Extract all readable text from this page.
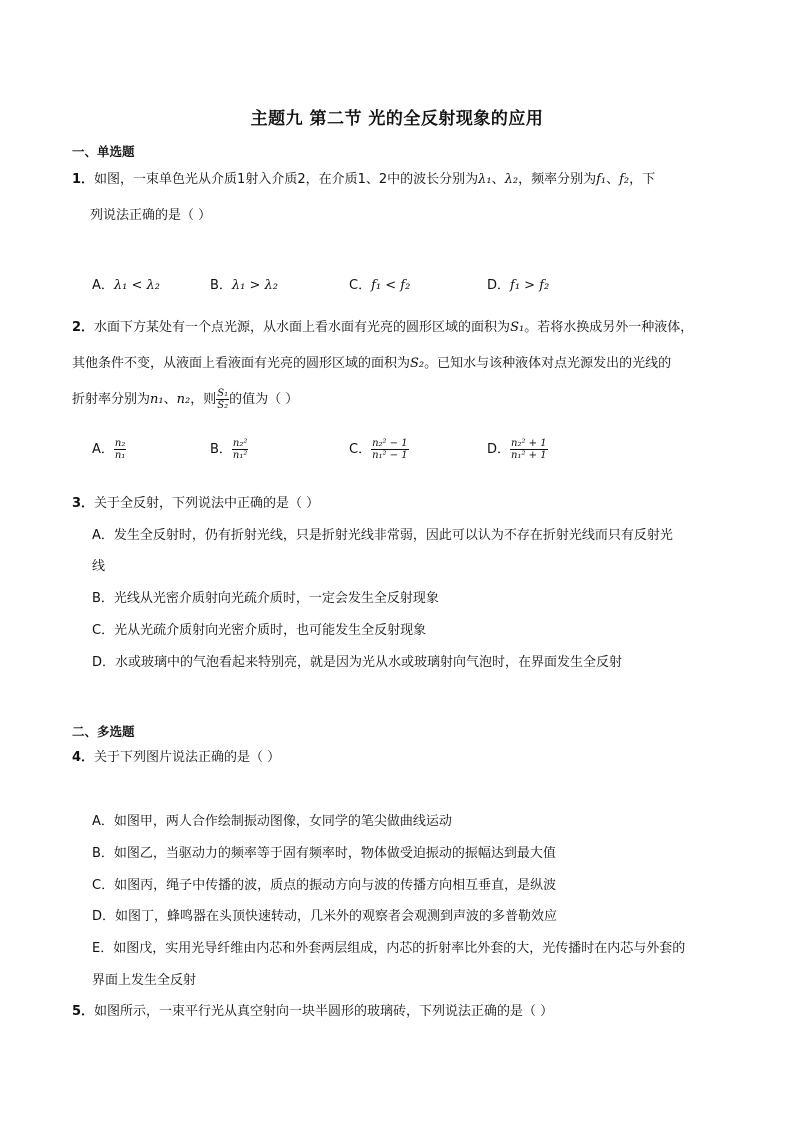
主题九 第二节 光的全反射现象的应用
一、单选题
1．如图，一束单色光从介质1射入介质2，在介质1、2中的波长分别为λ₁、λ₂，频率分别为f₁、f₂，下
列说法正确的是（ ）
A．λ₁ < λ₂	B．λ₁ > λ₂	C．f₁ < f₂	D．f₁ > f₂
2．水面下方某处有一个点光源，从水面上看水面有光亮的圆形区域的面积为S₁。若将水换成另外一种液体，
其他条件不变，从液面上看液面有光亮的圆形区域的面积为S₂。已知水与该种液体对点光源发出的光线的
折射率分别为n₁、n₂，则 $\frac{\text{S₁}}{\text{S₂}}$ 的值为（ ）
A． $\frac{\text{n₂}}{\text{n₁}}$	B． $\frac{\text{n₂²}}{\text{n₁²}}$	C． $\frac{\text{n₂² − 1}}{\text{n₁² − 1}}$	D． $\frac{\text{n₂² + 1}}{\text{n₁² + 1}}$
3．关于全反射，下列说法中正确的是（ ）
A．发生全反射时，仍有折射光线，只是折射光线非常弱，因此可以认为不存在折射光线而只有反射光
线
B．光线从光密介质射向光疏介质时，一定会发生全反射现象
C．光从光疏介质射向光密介质时，也可能发生全反射现象
D．水或玻璃中的气泡看起来特别亮，就是因为光从水或玻璃射向气泡时，在界面发生全反射
二、多选题
4．关于下列图片说法正确的是（ ）
A．如图甲，两人合作绘制振动图像，女同学的笔尖做曲线运动
B．如图乙，当驱动力的频率等于固有频率时，物体做受迫振动的振幅达到最大值
C．如图丙，绳子中传播的波，质点的振动方向与波的传播方向相互垂直，是纵波
D．如图丁，蜂鸣器在头顶快速转动，几米外的观察者会观测到声波的多普勒效应
E．如图戊，实用光导纤维由内芯和外套两层组成，内芯的折射率比外套的大，光传播时在内芯与外套的
界面上发生全反射
5．如图所示，一束平行光从真空射向一块半圆形的玻璃砖，下列说法正确的是（ ）
